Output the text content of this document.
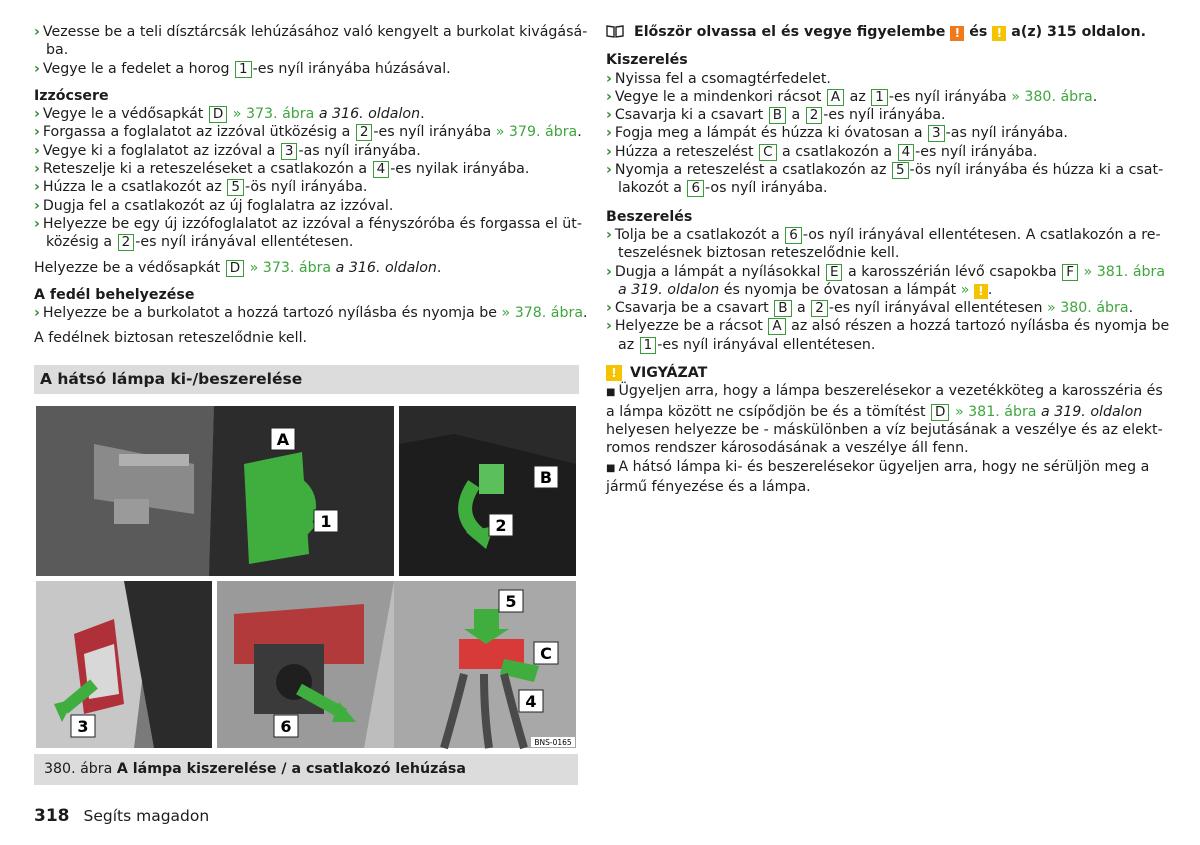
› Vezesse be a teli dísztárcsák lehúzásához való kengyelt a burkolat kivágásá-
ba.
› Vegye le a fedelet a horog 1 -es nyíl irányába húzásával.
Izzócsere
› Vegye le a védősapkát D » 373. ábra a 316. oldalon.
› Forgassa a foglalatot az izzóval ütközésig a 2 -es nyíl irányába » 379. ábra.
› Vegye ki a foglalatot az izzóval a 3 -as nyíl irányába.
› Reteszelje ki a reteszeléseket a csatlakozón a 4 -es nyilak irányába.
› Húzza le a csatlakozót az 5 -ös nyíl irányába.
› Dugja fel a csatlakozót az új foglalatra az izzóval.
› Helyezze be egy új izzófoglalatot az izzóval a fényszóróba és forgassa el üt-
közésig a 2 -es nyíl irányával ellentétesen.
Helyezze be a védősapkát D » 373. ábra a 316. oldalon.
A fedél behelyezése
› Helyezze be a burkolatot a hozzá tartozó nyílásba és nyomja be » 378. ábra.
A fedélnek biztosan reteszelődnie kell.
A hátsó lámpa ki-/beszerelése
A
1
B
2
3
5
C
4
6
BNS-0165
380. ábra A lámpa kiszerelése / a csatlakozó lehúzása
318 Segíts magadon
Először olvassa el és vegye figyelembe ! és ! a(z) 315 oldalon.
Kiszerelés
› Nyissa fel a csomagtérfedelet.
› Vegye le a mindenkori rácsot A az 1 -es nyíl irányába » 380. ábra.
› Csavarja ki a csavart B a 2 -es nyíl irányába.
› Fogja meg a lámpát és húzza ki óvatosan a 3 -as nyíl irányába.
› Húzza a reteszelést C a csatlakozón a 4 -es nyíl irányába.
› Nyomja a reteszelést a csatlakozón az 5 -ös nyíl irányába és húzza ki a csat-
lakozót a 6 -os nyíl irányába.
Beszerelés
› Tolja be a csatlakozót a 6 -os nyíl irányával ellentétesen. A csatlakozón a re-
teszelésnek biztosan reteszelődnie kell.
› Dugja a lámpát a nyílásokkal E a karosszérián lévő csapokba F » 381. ábra
a 319. oldalon és nyomja be óvatosan a lámpát » ! .
› Csavarja be a csavart B a 2 -es nyíl irányával ellentétesen » 380. ábra.
› Helyezze be a rácsot A az alsó részen a hozzá tartozó nyílásba és nyomja be
az 1 -es nyíl irányával ellentétesen.
! VIGYÁZAT
■ Ügyeljen arra, hogy a lámpa beszerelésekor a vezetékköteg a karosszéria és
a lámpa között ne csípődjön be és a tömítést D » 381. ábra a 319. oldalon
helyesen helyezze be - máskülönben a víz bejutásának a veszélye és az elekt-
romos rendszer károsodásának a veszélye áll fenn.
■ A hátsó lámpa ki- és beszerelésekor ügyeljen arra, hogy ne sérüljön meg a
jármű fényezése és a lámpa.
